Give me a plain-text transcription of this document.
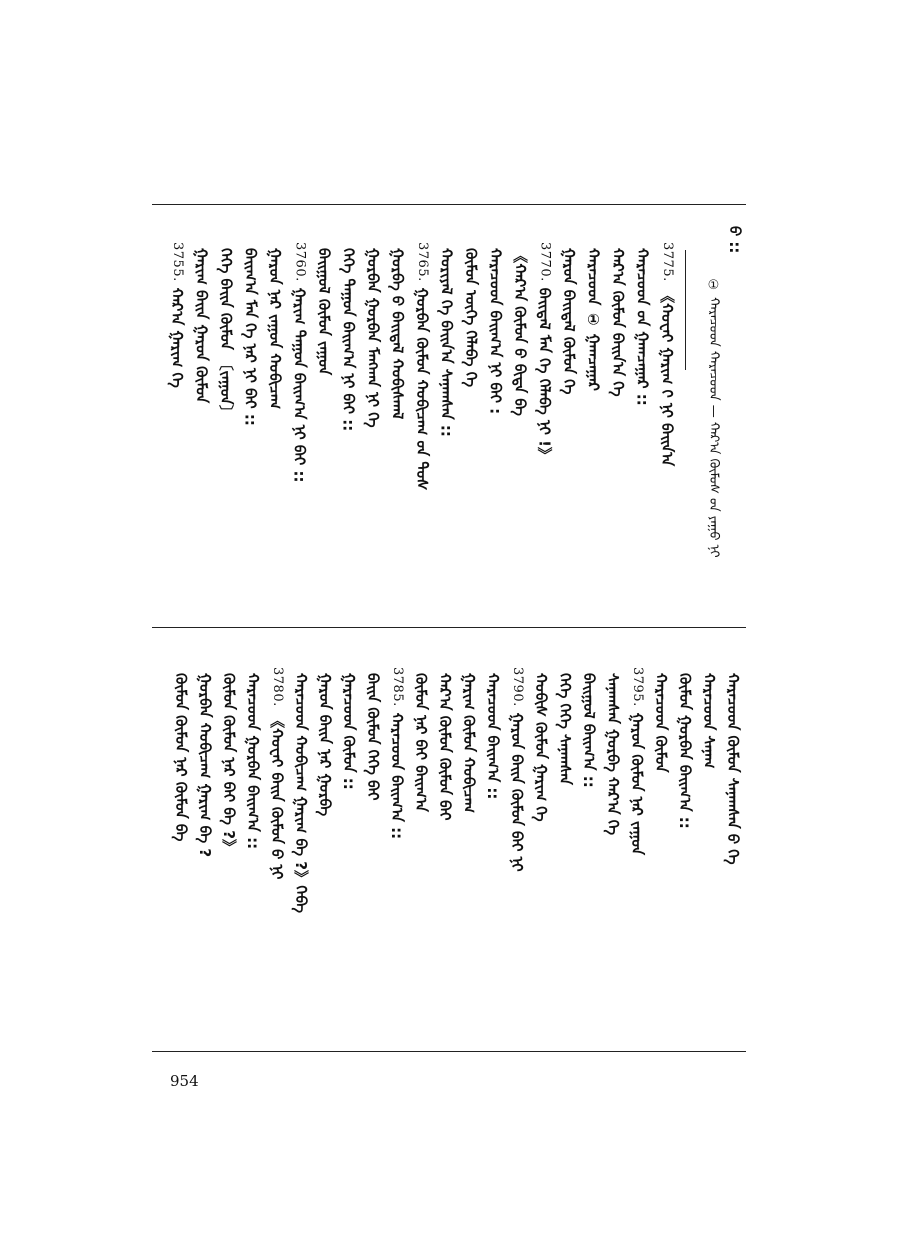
ᠤ᠋ ::
① ᠬᠠᠷᠠᠴᠤᠳ ᠬᠠᠷᠠᠴᠤᠳ — ᠬᠠᠷ᠎ᠠ ᠬᠦᠮᠦᠰ ᠤ᠋ᠨ ᠶᠠᠭᠤ ᠨᠢ
3775.《ᠬᠤᠸᠠᠢ ᠭᠠᠷᠢᠭ ᠢ᠋ ᠨᠢ ᠪᠠᠢᠨ᠎ᠠ
ᠬᠠᠷᠠᠴᠤᠳ ᠤ᠋ᠨ ᠭᠠᠭᠴᠠᠭᠠᠷ ::
ᠬᠠᠷ᠎ᠠ ᠬᠦᠮᠦᠨ ᠪᠠᠢᠨ᠎ᠠ ᠭᠡ
ᠬᠠᠷᠠᠴᠤᠳ ① ᠭᠠᠭᠴᠠᠭᠠᠷ
ᠭᠠᠷᠤᠨ ᠪᠠᠢᠳᠠᠯ ᠬᠦᠮᠦᠨ ᠭᠡ
3770.ᠪᠠᠢᠳᠠᠯ ᠮᠠᠨ ᠭᠡ ᠬᠡᠯᠡᠪᠡ ᠨᠢ !》
《ᠬᠠᠷ᠎ᠠ ᠬᠦᠮᠦᠨ ᠤ᠋ ᠪᠢᠳᠡ ᠪᠠ
ᠬᠠᠷᠠᠴᠤᠳ ᠪᠠᠢᠭ᠎ᠠ ᠨᠢ ᠪᠠᠢ :
ᠬᠦᠮᠦᠨ ᠦᠭᠡ ᠬᠡᠯᠡᠪᠡ ᠭᠡ
ᠬᠤᠷᠢᠶᠠᠯ ᠭᠡ ᠪᠠᠢᠨ᠎ᠠ ᠰᠠᠨᠠᠭᠰᠠᠨ ::
3765.ᠭᠤᠷᠪᠠᠨ ᠬᠦᠮᠦᠨ ᠬᠤᠪᠢᠴᠠᠭ ᠤ᠋ᠨ ᠲᠤᠰ
ᠭᠤᠷᠪᠠ ᠤ᠋ ᠪᠠᠢᠳᠠᠯ ᠬᠤᠪᠢᠰᠬᠠᠯ
ᠭᠤᠷᠪᠠᠨ ᠭᠤᠷᠪᠠᠨ ᠮᠠᠩᠬᠠᠨ ᠨᠢ ᠭᠡ
ᠭᠡᠭᠡ ᠳᠠᠭᠤᠨ ᠪᠠᠢᠭ᠎ᠠ ᠨᠢ ᠪᠠᠢ ::
ᠪᠠᠢᠭᠤᠯ ᠬᠦᠮᠦᠨ ᠵᠠᠭᠤᠨ
3760.ᠭᠠᠷᠢᠭ ᠳᠠᠭᠤᠨ ᠪᠠᠢᠭ᠎ᠠ ᠨᠢ ᠪᠠᠢ ::
ᠭᠠᠷᠤᠨ ᠨᠠᠷ ᠵᠠᠭᠤᠨ ᠬᠤᠪᠢᠴᠠᠭ
ᠪᠠᠢᠭ᠎ᠠ ᠮᠠᠨ ᠭᠡ ᠨᠠᠷ ᠨᠢ ᠪᠠᠢ ::
ᠭᠡᠭᠡ ᠪᠠᠢᠨ ᠬᠦᠮᠦᠨ 〔ᠵᠠᠭᠤᠨ〕
ᠭᠠᠷᠢᠭ ᠪᠠᠢᠨ ᠭᠠᠷᠤᠨ ᠬᠦᠮᠦᠨ
3755.ᠬᠠᠷ᠎ᠠ ᠭᠠᠷᠢᠭ ᠭᠡ
ᠬᠠᠷᠠᠴᠤᠳ ᠬᠦᠮᠦᠨ ᠰᠠᠨᠠᠭᠰᠠᠨ ᠤ᠋ ᠭᠡ
ᠬᠠᠷᠠᠴᠤᠳ ᠰᠠᠨᠠᠭ
ᠬᠦᠮᠦᠨ ᠭᠤᠷᠪᠠᠨ ᠪᠠᠢᠭ᠎ᠠ ::
ᠬᠠᠷᠠᠴᠤᠳ ᠬᠦᠮᠦᠨ
3795.ᠭᠠᠷᠤᠨ ᠬᠦᠮᠦᠨ ᠨᠠᠷ ᠵᠠᠭᠤᠨ
ᠰᠠᠨᠠᠭᠰᠠᠨ ᠭᠤᠷᠪᠠ ᠬᠠᠷ᠎ᠠ ᠭᠡ
ᠪᠠᠢᠭᠤᠯ ᠪᠠᠢᠭ᠎ᠠ ::
ᠭᠡᠭᠡ ᠭᠡᠭᠡ ᠰᠠᠨᠠᠭᠰᠠᠨ
ᠬᠤᠪᠢᠰ ᠬᠦᠮᠦᠨ ᠭᠠᠷᠢᠭ ᠭᠡ
3790.ᠭᠠᠷᠤᠨ ᠪᠠᠢᠨ ᠬᠦᠮᠦᠨ ᠪᠠᠢ ᠨᠢ
ᠬᠠᠷᠠᠴᠤᠳ ᠪᠠᠢᠭ᠎ᠠ ::
ᠭᠠᠷᠢᠭ ᠬᠦᠮᠦᠨ ᠬᠤᠪᠢᠴᠠᠭ
ᠬᠠᠷ᠎ᠠ ᠬᠦᠮᠦᠨ ᠬᠦᠮᠦᠨ ᠪᠠᠢ
ᠬᠦᠮᠦᠨ ᠨᠠᠷ ᠪᠠᠢ ᠪᠠᠢᠭ᠎ᠠ
3785.ᠬᠠᠷᠠᠴᠤᠳ ᠪᠠᠢᠭ᠎ᠠ ::
ᠪᠠᠢᠨ ᠬᠦᠮᠦᠨ ᠭᠡᠭᠡ ᠪᠠᠢ
ᠭᠠᠷᠠᠴᠤᠳ ᠬᠦᠮᠦᠨ ::
ᠭᠠᠷᠤᠨ ᠪᠠᠢᠨ ᠨᠠᠷ ᠭᠤᠷᠪᠠ
ᠬᠠᠷᠠᠴᠤᠳ ᠬᠤᠪᠢᠴᠠᠭ ᠭᠠᠷᠢᠭ ᠪᠠ ?》ᠭᠡᠪᠡ
3780.《ᠬᠤᠸᠠᠢ ᠪᠠᠢᠨ ᠬᠦᠮᠦᠨ ᠤ᠋ ᠨᠢ
ᠬᠠᠷᠠᠴᠤᠳ ᠭᠤᠷᠪᠠᠨ ᠪᠠᠢᠭ᠎ᠠ ::
ᠬᠦᠮᠦᠨ ᠬᠦᠮᠦᠨ ᠨᠠᠷ ᠪᠠᠢ ᠪᠠ ?》
ᠭᠤᠷᠪᠠᠨ ᠬᠤᠪᠢᠴᠠᠭ ᠭᠠᠷᠢᠭ ᠪᠠ ?
ᠬᠦᠮᠦᠨ ᠬᠦᠮᠦᠨ ᠨᠠᠷ ᠬᠦᠮᠦᠨ ᠪᠠ
954
